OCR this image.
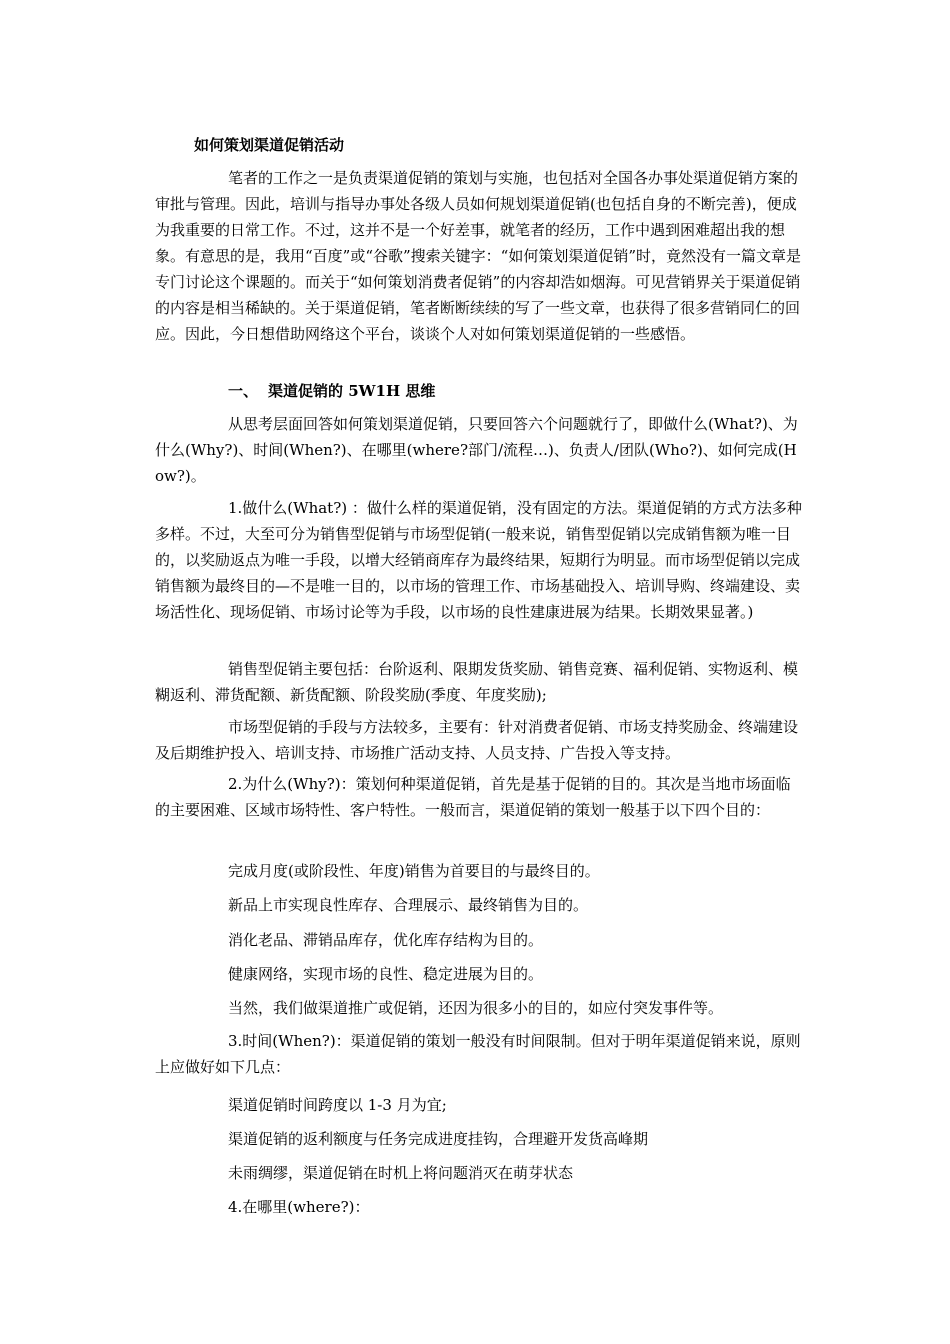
如何策划渠道促销活动

笔者的工作之一是负责渠道促销的策划与实施，也包括对全国各办事处渠道促销方案的审批与管理。因此，培训与指导办事处各级人员如何规划渠道促销(也包括自身的不断完善)，便成为我重要的日常工作。不过，这并不是一个好差事，就笔者的经历，工作中遇到困难超出我的想象。有意思的是，我用“百度”或“谷歌”搜索关键字：“如何策划渠道促销”时，竟然没有一篇文章是专门讨论这个课题的。而关于“如何策划消费者促销”的内容却浩如烟海。可见营销界关于渠道促销的内容是相当稀缺的。关于渠道促销，笔者断断续续的写了一些文章，也获得了很多营销同仁的回应。因此，今日想借助网络这个平台，谈谈个人对如何策划渠道促销的一些感悟。

一、 渠道促销的 5W1H 思维

从思考层面回答如何策划渠道促销，只要回答六个问题就行了，即做什么(What?)、为什么(Why?)、时间(When?)、在哪里(where?部门/流程…)、负责人/团队(Who?)、如何完成(How?)。

1.做什么(What?) ：做什么样的渠道促销，没有固定的方法。渠道促销的方式方法多种多样。不过，大至可分为销售型促销与市场型促销(一般来说，销售型促销以完成销售额为唯一目的，以奖励返点为唯一手段，以增大经销商库存为最终结果，短期行为明显。而市场型促销以完成销售额为最终目的—不是唯一目的，以市场的管理工作、市场基础投入、培训导购、终端建设、卖场活性化、现场促销、市场讨论等为手段，以市场的良性建康进展为结果。长期效果显著。)

销售型促销主要包括：台阶返利、限期发货奖励、销售竞赛、福利促销、实物返利、模糊返利、滞货配额、新货配额、阶段奖励(季度、年度奖励);

市场型促销的手段与方法较多，主要有：针对消费者促销、市场支持奖励金、终端建设及后期维护投入、培训支持、市场推广活动支持、人员支持、广告投入等支持。

2.为什么(Why?)：策划何种渠道促销，首先是基于促销的目的。其次是当地市场面临的主要困难、区域市场特性、客户特性。一般而言，渠道促销的策划一般基于以下四个目的：

完成月度(或阶段性、年度)销售为首要目的与最终目的。

新品上市实现良性库存、合理展示、最终销售为目的。

消化老品、滞销品库存，优化库存结构为目的。

健康网络，实现市场的良性、稳定进展为目的。

当然，我们做渠道推广或促销，还因为很多小的目的，如应付突发事件等。

3.时间(When?)：渠道促销的策划一般没有时间限制。但对于明年渠道促销来说，原则上应做好如下几点：

渠道促销时间跨度以 1-3 月为宜;

渠道促销的返利额度与任务完成进度挂钩，合理避开发货高峰期

未雨绸缪，渠道促销在时机上将问题消灭在萌芽状态

4.在哪里(where?)：
